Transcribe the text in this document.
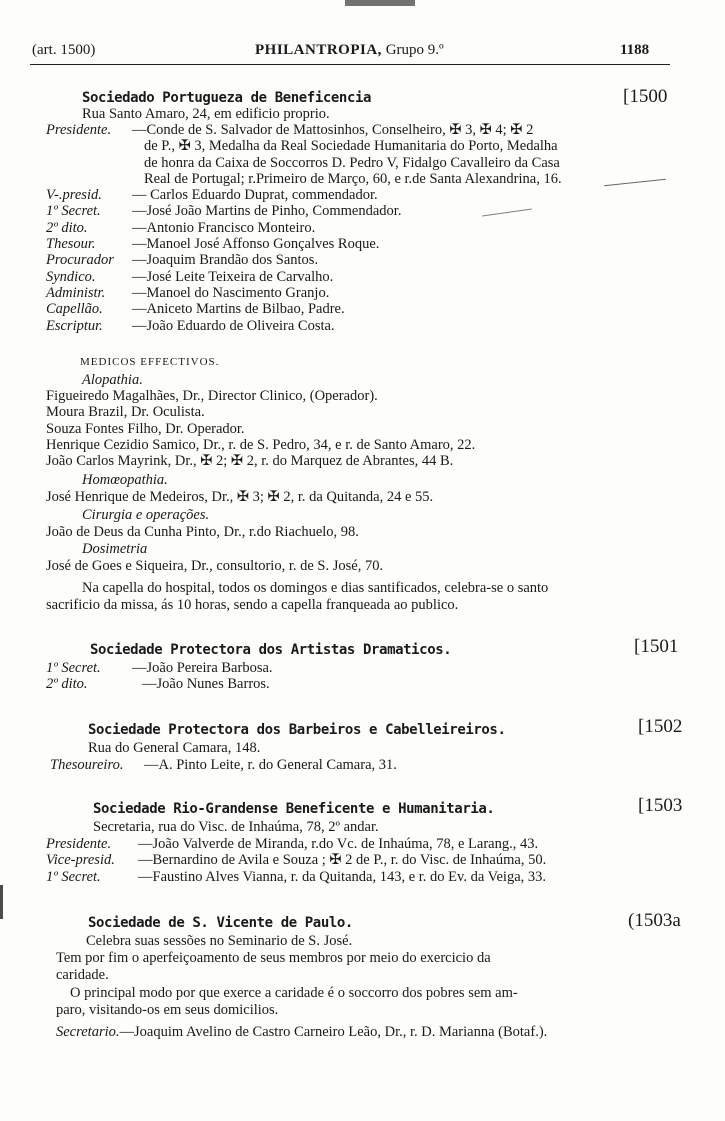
(art. 1500)	PHILANTROPIA, Grupo 9.º	1188
Sociedado Portugueza de Beneficencia	[1500
Rua Santo Amaro, 24, em edificio proprio.
Presidente. —Conde de S. Salvador de Mattosinhos, Conselheiro, ✠ 3, ✠ 4; ✠ 2
de P., ✠ 3, Medalha da Real Sociedade Humanitaria do Porto, Medalha
de honra da Caixa de Soccorros D. Pedro V, Fidalgo Cavalleiro da Casa
Real de Portugal; r.Primeiro de Março, 60, e r.de Santa Alexandrina, 16.
V-.presid. — Carlos Eduardo Duprat, commendador.
1º Secret. —José João Martins de Pinho, Commendador.
2º dito.	—Antonio Francisco Monteiro.
Thesour.	—Manoel José Affonso Gonçalves Roque.
Procurador —Joaquim Brandão dos Santos.
Syndico.	—José Leite Teixeira de Carvalho.
Administr. —Manoel do Nascimento Granjo.
Capellão. —Aniceto Martins de Bilbao, Padre.
Escriptur. —João Eduardo de Oliveira Costa.
MEDICOS EFFECTIVOS.
Alopathia.
Figueiredo Magalhães, Dr., Director Clinico, (Operador).
Moura Brazil, Dr. Oculista.
Souza Fontes Filho, Dr. Operador.
Henrique Cezidio Samico, Dr., r. de S. Pedro, 34, e r. de Santo Amaro, 22.
João Carlos Mayrink, Dr., ✠ 2; ✠ 2, r. do Marquez de Abrantes, 44 B.
Homœopathia.
José Henrique de Medeiros, Dr., ✠ 3; ✠ 2, r. da Quitanda, 24 e 55.
Cirurgia e operações.
João de Deus da Cunha Pinto, Dr., r.do Riachuelo, 98.
Dosimetria
José de Goes e Siqueira, Dr., consultorio, r. de S. José, 70.
Na capella do hospital, todos os domingos e dias santificados, celebra-se o santo
sacrificio da missa, ás 10 horas, sendo a capella franqueada ao publico.
Sociedade Protectora dos Artistas Dramaticos.	[1501
1º Secret. —João Pereira Barbosa.
2º dito.	—João Nunes Barros.
Sociedade Protectora dos Barbeiros e Cabelleireiros.	[1502
Rua do General Camara, 148.
Thesoureiro. —A. Pinto Leite, r. do General Camara, 31.
Sociedade Rio-Grandense Beneficente e Humanitaria.	[1503
Secretaria, rua do Visc. de Inhaúma, 78, 2º andar.
Presidente. —João Valverde de Miranda, r.do Vc. de Inhaúma, 78, e Larang., 43.
Vice-presid. —Bernardino de Avila e Souza ; ✠ 2 de P., r. do Visc. de Inhaúma, 50.
1º Secret.	—Faustino Alves Vianna, r. da Quitanda, 143, e r. do Ev. da Veiga, 33.
Sociedade de S. Vicente de Paulo.	(1503a
Celebra suas sessões no Seminario de S. José.
Tem por fim o aperfeiçoamento de seus membros por meio do exercicio da
caridade.
O principal modo por que exerce a caridade é o soccorro dos pobres sem am-
paro, visitando-os em seus domicilios.
Secretario.—Joaquim Avelino de Castro Carneiro Leão, Dr., r. D. Marianna (Botaf.).
